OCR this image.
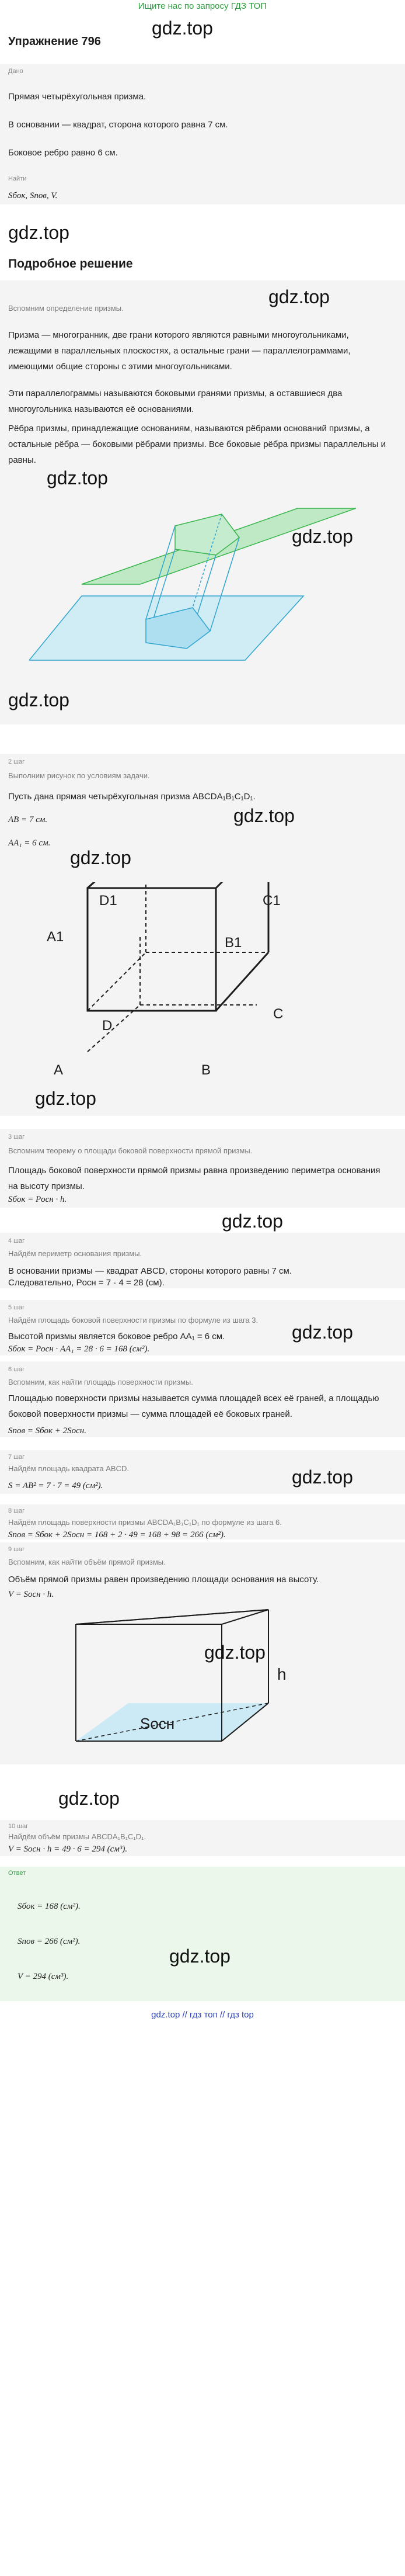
Ищите нас по запросу ГДЗ ТОП
gdz.top
Упражнение 796
Дано
Прямая четырёхугольная призма.
В основании — квадрат, сторона которого равна 7 см.
Боковое ребро равно 6 см.
Найти
Sбок, Sпов, V.
gdz.top
Подробное решение
gdz.top
Вспомним определение призмы.
Призма — многогранник, две грани которого являются равными многоугольниками, лежащими в параллельных плоскостях, а остальные грани — параллелограммами, имеющими общие стороны с этими многоугольниками.
Эти параллелограммы называются боковыми гранями призмы, а оставшиеся два многоугольника называются её основаниями.
Рёбра призмы, принадлежащие основаниям, называются рёбрами оснований призмы, а остальные рёбра — боковыми рёбрами призмы. Все боковые рёбра призмы параллельны и равны.
gdz.top
gdz.top
gdz.top
2 шаг
Выполним рисунок по условиям задачи.
Пусть дана прямая четырёхугольная призма ABCDA₁B₁C₁D₁.
gdz.top
AB = 7 см.
AA₁ = 6 см.
gdz.top
D1	C1
A1	B1
D
C
A	B
gdz.top
3 шаг
Вспомним теорему о площади боковой поверхности прямой призмы.
Площадь боковой поверхности прямой призмы равна произведению периметра основания на высоту призмы.
Sбок = Pосн · h.
gdz.top
4 шаг
Найдём периметр основания призмы.
В основании призмы — квадрат ABCD, стороны которого равны 7 см.
Следовательно, Pосн = 7 · 4 = 28 (см).
5 шаг
Найдём площадь боковой поверхности призмы по формуле из шага 3.
Высотой призмы является боковое ребро AA₁ = 6 см.
Sбок = Pосн · AA₁ = 28 · 6 = 168 (см²).
gdz.top
6 шаг
Вспомним, как найти площадь поверхности призмы.
Площадью поверхности призмы называется сумма площадей всех её граней, а площадью боковой поверхности призмы — сумма площадей её боковых граней.
Sпов = Sбок + 2Sосн.
7 шаг
Найдём площадь квадрата ABCD.
S = AB² = 7 · 7 = 49 (см²).	gdz.top
8 шаг
Найдём площадь поверхности призмы ABCDA₁B₁C₁D₁ по формуле из шага 6.
Sпов = Sбок + 2Sосн = 168 + 2 · 49 = 168 + 98 = 266 (см²).
9 шаг
Вспомним, как найти объём прямой призмы.
Объём прямой призмы равен произведению площади основания на высоту.
V = Sосн · h.
h
Sосн
gdz.top
gdz.top
10 шаг
Найдём объём призмы ABCDA₁B₁C₁D₁.
V = Sосн · h = 49 · 6 = 294 (см³).
Ответ
Sбок = 168 (см²).
Sпов = 266 (см²).
V = 294 (см³).
gdz.top
gdz.top // гдз топ // гдз top
